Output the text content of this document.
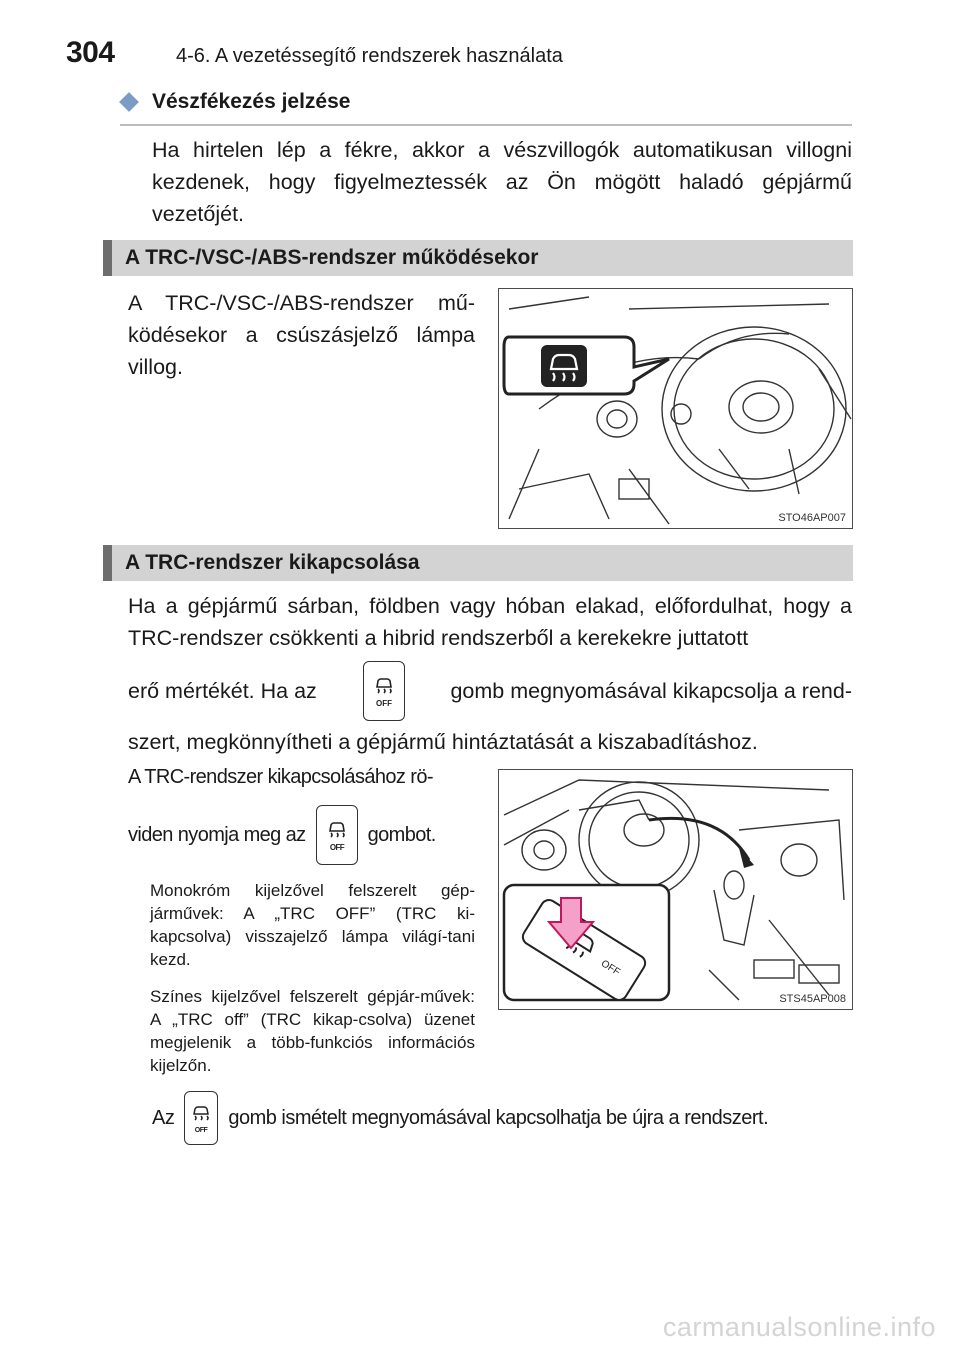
304	4-6. A vezetéssegítő rendszerek használata
Vészfékezés jelzése
Ha hirtelen lép a fékre, akkor a vészvillogók automatikusan villogni kezdenek, hogy figyelmeztessék az Ön mögött haladó gépjármű vezetőjét.
A TRC-/VSC-/ABS-rendszer működésekor
A TRC-/VSC-/ABS-rendszer mű-ködésekor a csúszásjelző lámpa villog.
STO46AP007
A TRC-rendszer kikapcsolása
Ha a gépjármű sárban, földben vagy hóban elakad, előfordulhat, hogy a TRC-rendszer csökkenti a hibrid rendszerből a kerekekre juttatott
erő mértékét. Ha az
OFF
gomb megnyomásával kikapcsolja a rend-
szert, megkönnyítheti a gépjármű hintáztatását a kiszabadításhoz.
A TRC-rendszer kikapcsolásához rö-
viden nyomja meg az
OFF
gombot.
Monokróm kijelzővel felszerelt gép-járművek: A „TRC OFF” (TRC ki-kapcsolva) visszajelző lámpa világí-tani kezd.
Színes kijelzővel felszerelt gépjár-művek: A „TRC off” (TRC kikap-csolva) üzenet megjelenik a több-funkciós információs kijelzőn.
OFF
STS45AP008
Az
OFF
gomb ismételt megnyomásával kapcsolhatja be újra a rendszert.
carmanualsonline.info
